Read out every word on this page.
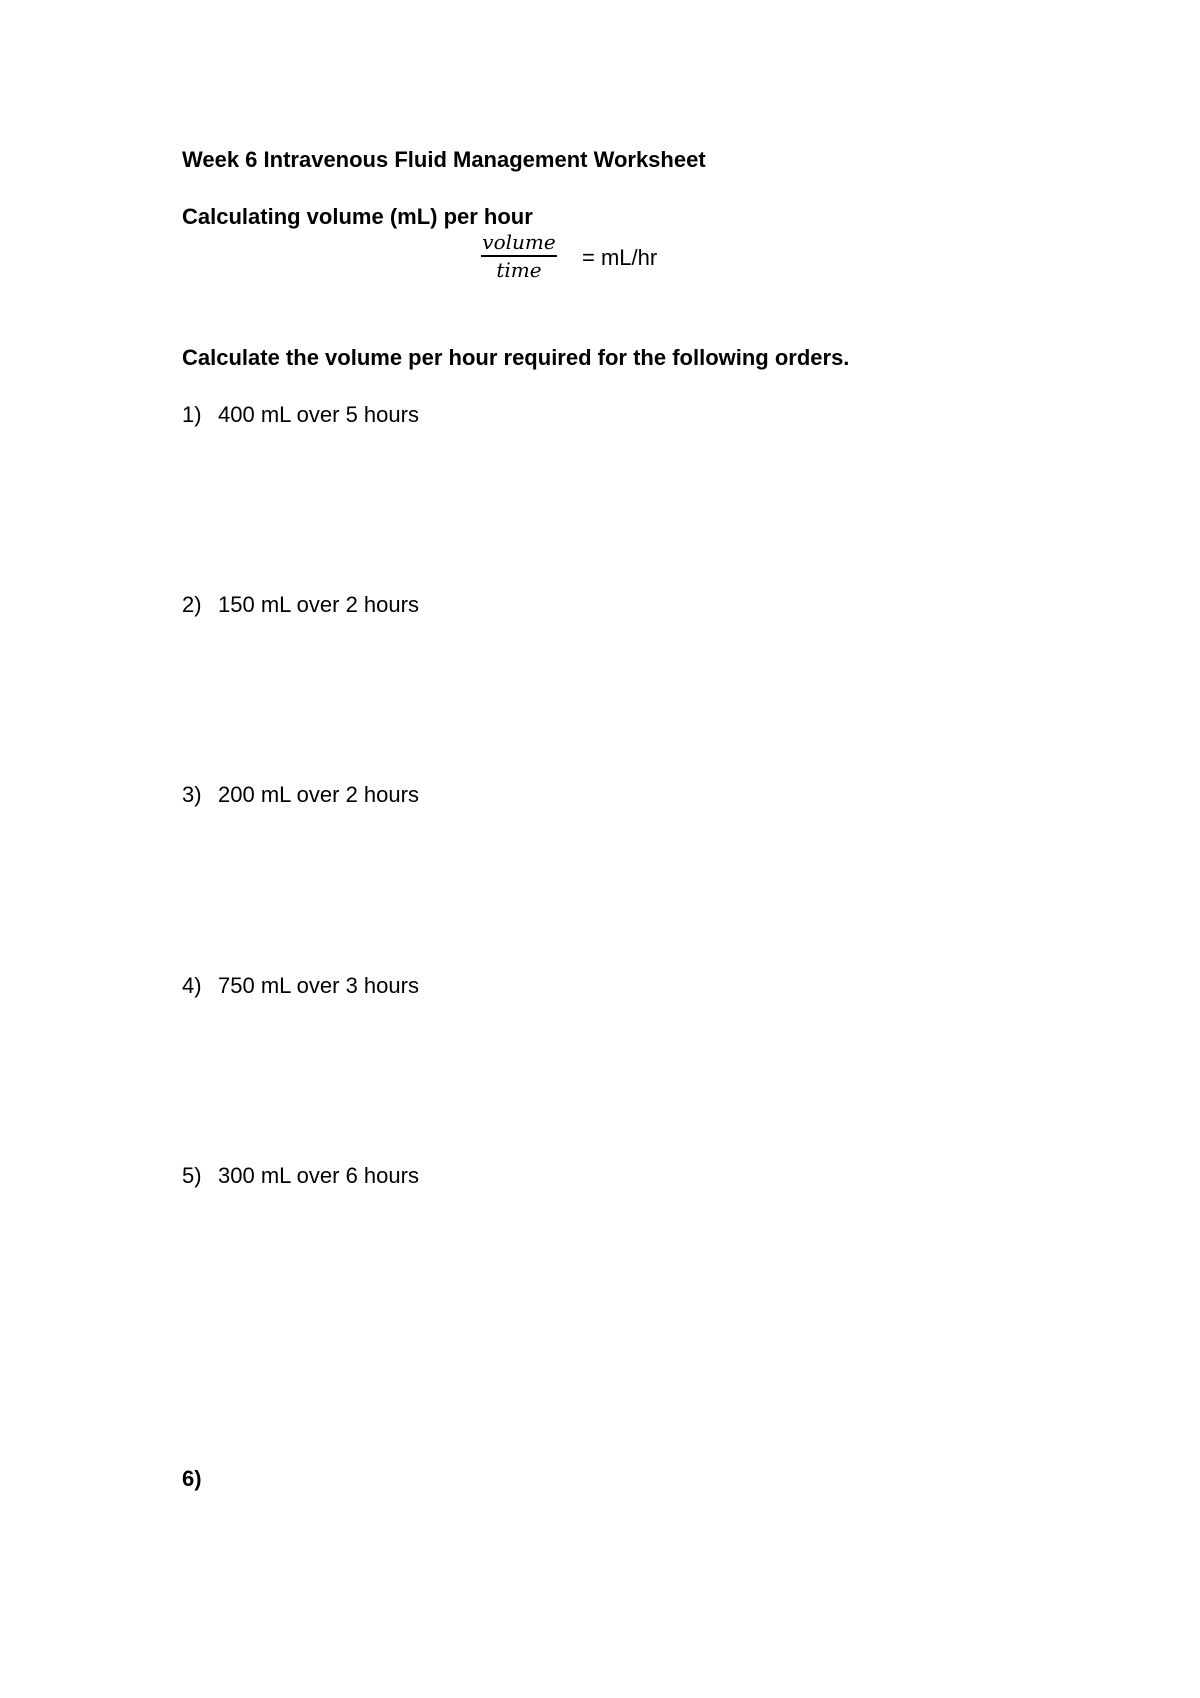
Week 6 Intravenous Fluid Management Worksheet
Calculating volume (mL) per hour
volume
time	= mL/hr
Calculate the volume per hour required for the following orders.
1) 400 mL over 5 hours
2) 150 mL over 2 hours
3) 200 mL over 2 hours
4) 750 mL over 3 hours
5) 300 mL over 6 hours
6)
